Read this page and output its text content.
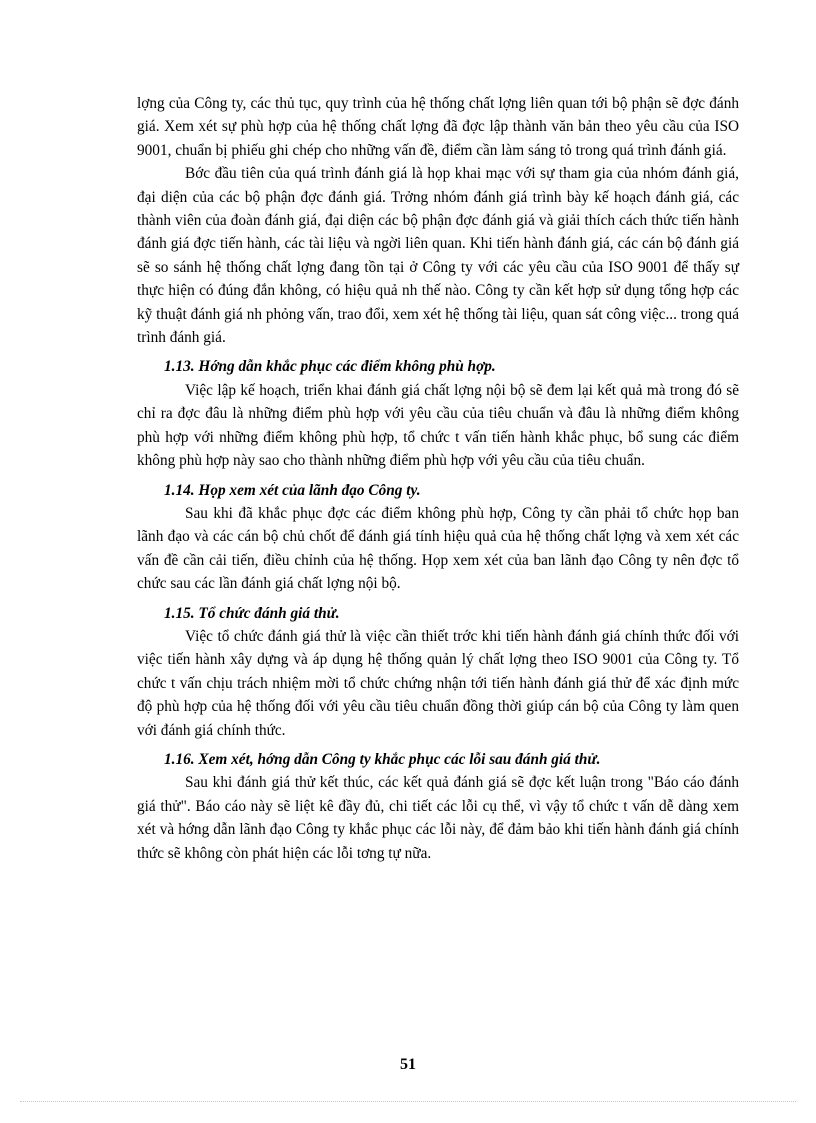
lợng của Công ty, các thủ tục, quy trình của hệ thống chất lợng liên quan tới bộ phận sẽ đợc đánh giá. Xem xét sự phù hợp của hệ thống chất lợng đã đợc lập thành văn bản theo yêu cầu của ISO 9001, chuẩn bị phiếu ghi chép cho những vấn đề, điểm cần làm sáng tỏ trong quá trình đánh giá.

Bớc đầu tiên của quá trình đánh giá là họp khai mạc với sự tham gia của nhóm đánh giá, đại diện của các bộ phận đợc đánh giá. Trởng nhóm đánh giá trình bày kế hoạch đánh giá, các thành viên của đoàn đánh giá, đại diện các bộ phận đợc đánh giá và giải thích cách thức tiến hành đánh giá đợc tiến hành, các tài liệu và ngời liên quan. Khi tiến hành đánh giá, các cán bộ đánh giá sẽ so sánh hệ thống chất lợng đang tồn tại ở Công ty với các yêu cầu của ISO 9001 để thấy sự thực hiện có đúng đắn không, có hiệu quả nh thế nào. Công ty cần kết hợp sử dụng tổng hợp các kỹ thuật đánh giá nh phỏng vấn, trao đổi, xem xét hệ thống tài liệu, quan sát công việc... trong quá trình đánh giá.

1.13. Hớng dẫn khắc phục các điểm không phù hợp.

Việc lập kế hoạch, triển khai đánh giá chất lợng nội bộ sẽ đem lại kết quả mà trong đó sẽ chỉ ra đợc đâu là những điểm phù hợp với yêu cầu của tiêu chuẩn và đâu là những điểm không phù hợp với những điểm không phù hợp, tổ chức t vấn tiến hành khắc phục, bổ sung các điểm không phù hợp này sao cho thành những điểm phù hợp với yêu cầu của tiêu chuẩn.

1.14. Họp xem xét của lãnh đạo Công ty.

Sau khi đã khắc phục đợc các điểm không phù hợp, Công ty cần phải tổ chức họp ban lãnh đạo và các cán bộ chủ chốt để đánh giá tính hiệu quả của hệ thống chất lợng và xem xét các vấn đề cần cải tiến, điều chỉnh của hệ thống. Họp xem xét của ban lãnh đạo Công ty nên đợc tổ chức sau các lần đánh giá chất lợng nội bộ.

1.15. Tổ chức đánh giá thử.

Việc tổ chức đánh giá thử là việc cần thiết trớc khi tiến hành đánh giá chính thức đối với việc tiến hành xây dựng và áp dụng hệ thống quản lý chất lợng theo ISO 9001 của Công ty. Tổ chức t vấn chịu trách nhiệm mời tổ chức chứng nhận tới tiến hành đánh giá thử để xác định mức độ phù hợp của hệ thống đối với yêu cầu tiêu chuẩn đồng thời giúp cán bộ của Công ty làm quen với đánh giá chính thức.

1.16. Xem xét, hớng dẫn Công ty khắc phục các lỗi sau đánh giá thử.

Sau khi đánh giá thử kết thúc, các kết quả đánh giá sẽ đợc kết luận trong "Báo cáo đánh giá thử". Báo cáo này sẽ liệt kê đầy đủ, chi tiết các lỗi cụ thể, vì vậy tổ chức t vấn dễ dàng xem xét và hớng dẫn lãnh đạo Công ty khắc phục các lỗi này, để đảm bảo khi tiến hành đánh giá chính thức sẽ không còn phát hiện các lỗi tơng tự nữa.

51
